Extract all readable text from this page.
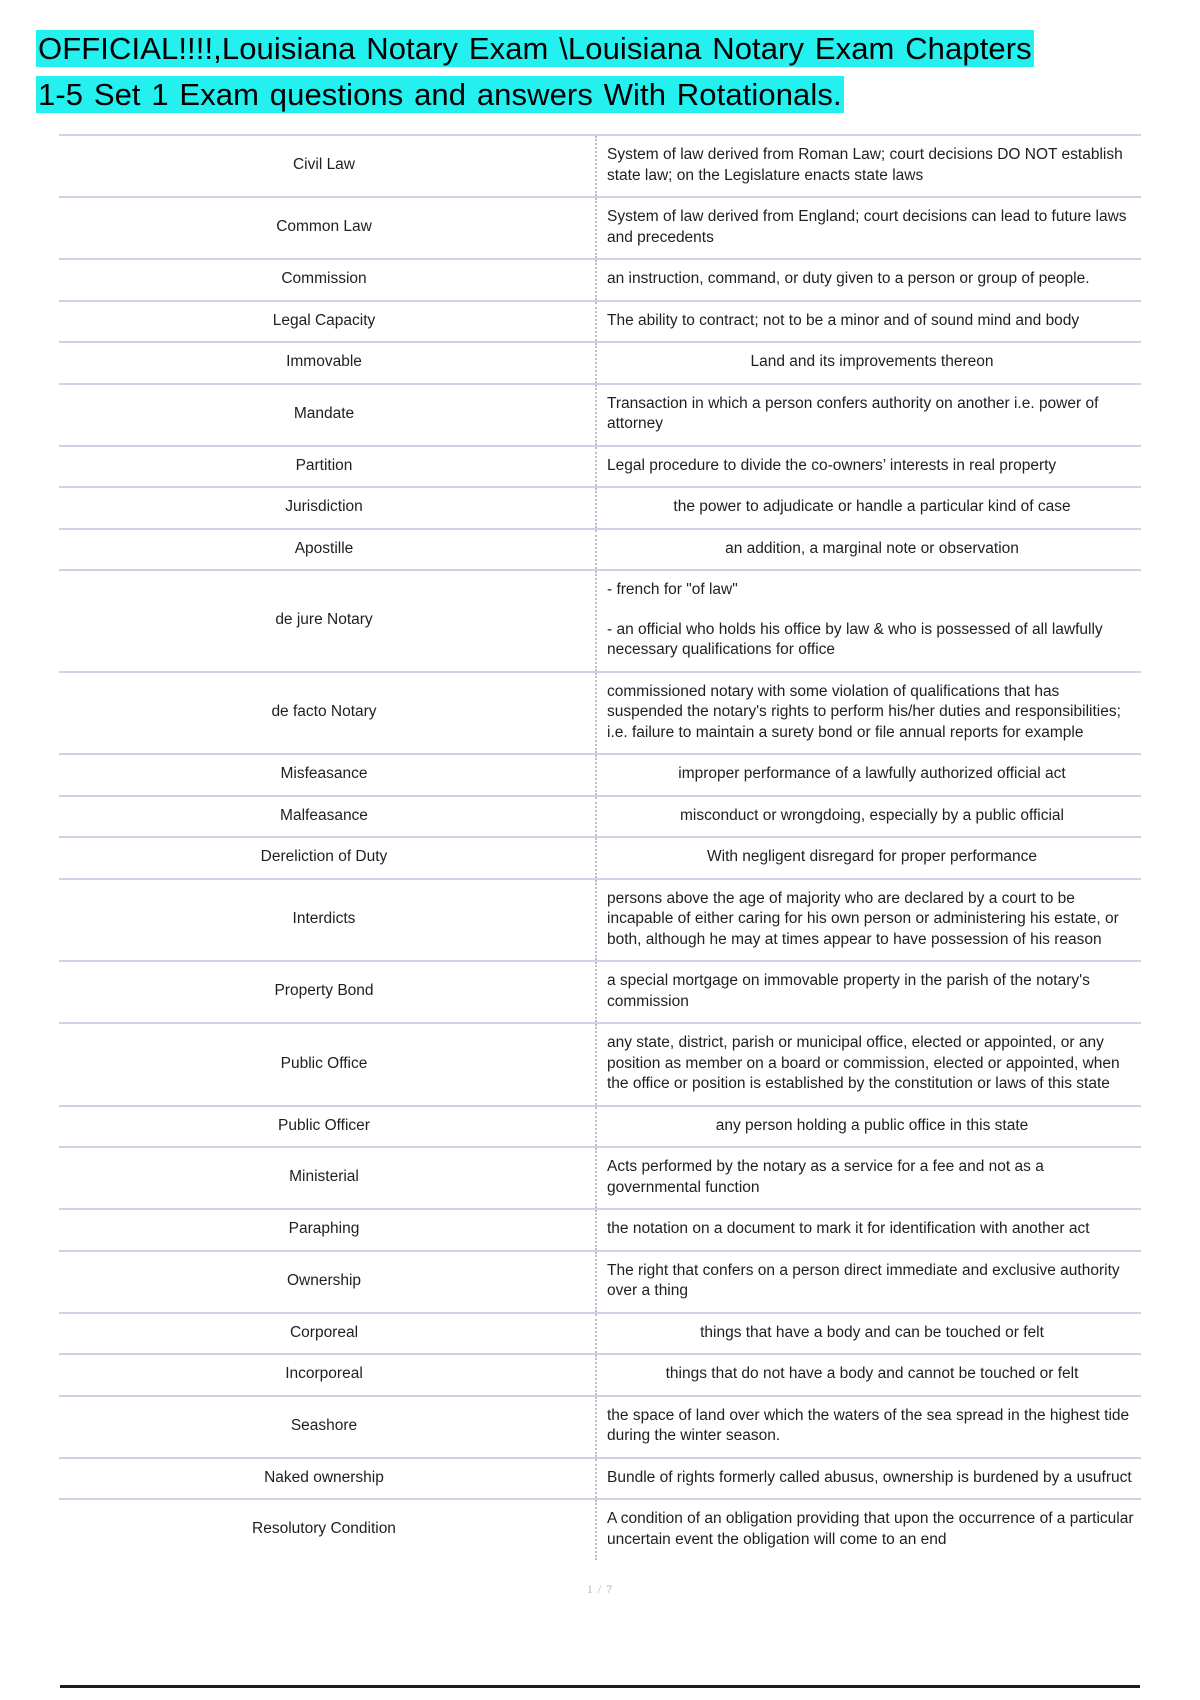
OFFICIAL!!!!,Louisiana Notary Exam \Louisiana Notary Exam Chapters
1-5 Set 1 Exam questions and answers With Rotationals.
Civil Law	System of law derived from Roman Law; court decisions DO NOT establish state law; on the Legislature enacts state laws

Common Law	System of law derived from England; court decisions can lead to future laws and precedents

Commission	an instruction, command, or duty given to a person or group of people.

Legal Capacity	The ability to contract; not to be a minor and of sound mind and body

Immovable	Land and its improvements thereon

Mandate	Transaction in which a person confers authority on another i.e. power of attorney

Partition	Legal procedure to divide the co-owners’ interests in real property

Jurisdiction	the power to adjudicate or handle a particular kind of case

Apostille	an addition, a marginal note or observation

de jure Notary	- french for "of law"

- an official who holds his office by law & who is possessed of all lawfully necessary qualifications for office

de facto Notary	commissioned notary with some violation of qualifications that has suspended the notary's rights to perform his/her duties and responsibilities; i.e. failure to maintain a surety bond or file annual reports for example

Misfeasance	improper performance of a lawfully authorized official act

Malfeasance	misconduct or wrongdoing, especially by a public official

Dereliction of Duty	With negligent disregard for proper performance

Interdicts	persons above the age of majority who are declared by a court to be incapable of either caring for his own person or administering his estate, or both, although he may at times appear to have possession of his reason

Property Bond	a special mortgage on immovable property in the parish of the notary's commission

Public Office	any state, district, parish or municipal office, elected or appointed, or any position as member on a board or commission, elected or appointed, when the office or position is established by the constitution or laws of this state

Public Officer	any person holding a public office in this state

Ministerial	Acts performed by the notary as a service for a fee and not as a governmental function

Paraphing	the notation on a document to mark it for identification with another act

Ownership	The right that confers on a person direct immediate and exclusive authority over a thing

Corporeal	things that have a body and can be touched or felt

Incorporeal	things that do not have a body and cannot be touched or felt

Seashore	the space of land over which the waters of the sea spread in the highest tide during the winter season.

Naked ownership	Bundle of rights formerly called abusus, ownership is burdened by a usufruct

Resolutory Condition	A condition of an obligation providing that upon the occurrence of a particular uncertain event the obligation will come to an end

1 / 7
